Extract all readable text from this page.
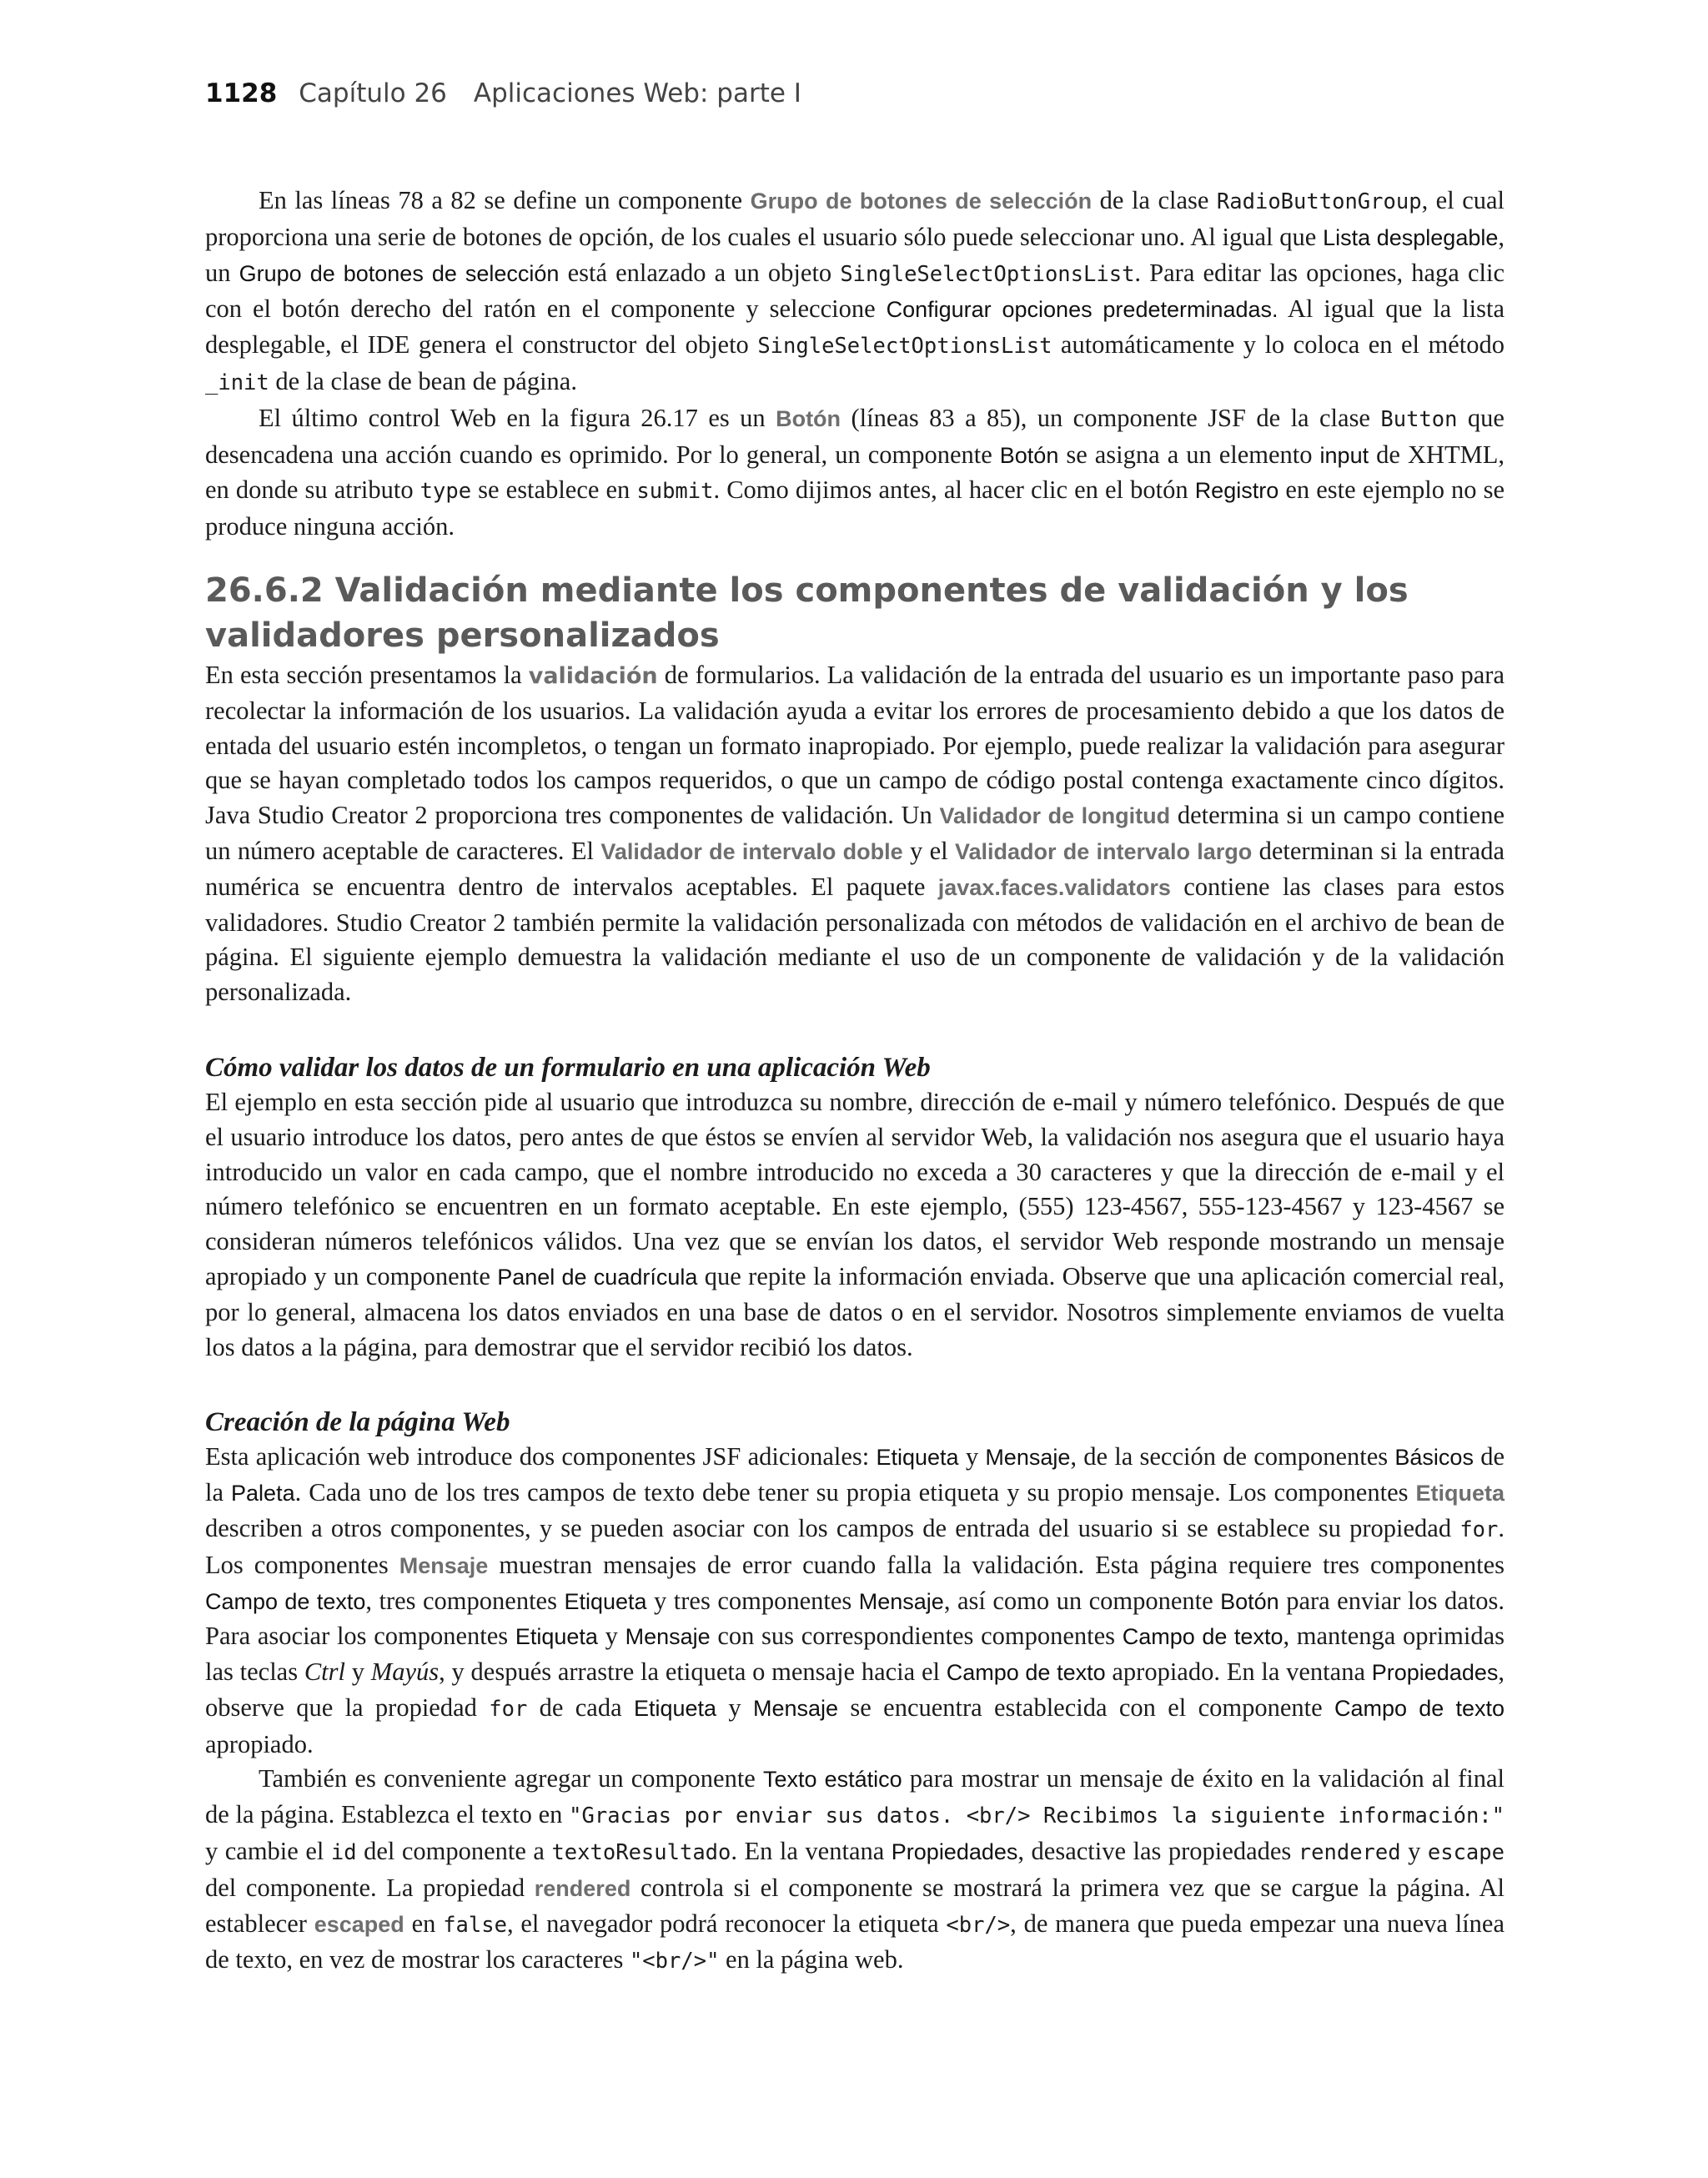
1128 Capítulo 26 Aplicaciones Web: parte I

En las líneas 78 a 82 se define un componente Grupo de botones de selección de la clase RadioButtonGroup, el cual proporciona una serie de botones de opción, de los cuales el usuario sólo puede seleccionar uno. Al igual que Lista desplegable, un Grupo de botones de selección está enlazado a un objeto SingleSelectOptionsList. Para editar las opciones, haga clic con el botón derecho del ratón en el componente y seleccione Configurar opciones predeterminadas. Al igual que la lista desplegable, el IDE genera el constructor del objeto SingleSelectOptionsList automáticamente y lo coloca en el método _init de la clase de bean de página.

El último control Web en la figura 26.17 es un Botón (líneas 83 a 85), un componente JSF de la clase Button que desencadena una acción cuando es oprimido. Por lo general, un componente Botón se asigna a un elemento input de XHTML, en donde su atributo type se establece en submit. Como dijimos antes, al hacer clic en el botón Registro en este ejemplo no se produce ninguna acción.

26.6.2 Validación mediante los componentes de validación y los validadores personalizados

En esta sección presentamos la validación de formularios. La validación de la entrada del usuario es un importante paso para recolectar la información de los usuarios. La validación ayuda a evitar los errores de procesamiento debido a que los datos de entada del usuario estén incompletos, o tengan un formato inapropiado. Por ejemplo, puede realizar la validación para asegurar que se hayan completado todos los campos requeridos, o que un campo de código postal contenga exactamente cinco dígitos. Java Studio Creator 2 proporciona tres componentes de validación. Un Validador de longitud determina si un campo contiene un número aceptable de caracteres. El Validador de intervalo doble y el Validador de intervalo largo determinan si la entrada numérica se encuentra dentro de intervalos aceptables. El paquete javax.faces.validators contiene las clases para estos validadores. Studio Creator 2 también permite la validación personalizada con métodos de validación en el archivo de bean de página. El siguiente ejemplo demuestra la validación mediante el uso de un componente de validación y de la validación personalizada.

Cómo validar los datos de un formulario en una aplicación Web

El ejemplo en esta sección pide al usuario que introduzca su nombre, dirección de e-mail y número telefónico. Después de que el usuario introduce los datos, pero antes de que éstos se envíen al servidor Web, la validación nos asegura que el usuario haya introducido un valor en cada campo, que el nombre introducido no exceda a 30 caracteres y que la dirección de e-mail y el número telefónico se encuentren en un formato aceptable. En este ejemplo, (555) 123-4567, 555-123-4567 y 123-4567 se consideran números telefónicos válidos. Una vez que se envían los datos, el servidor Web responde mostrando un mensaje apropiado y un componente Panel de cuadrícula que repite la información enviada. Observe que una aplicación comercial real, por lo general, almacena los datos enviados en una base de datos o en el servidor. Nosotros simplemente enviamos de vuelta los datos a la página, para demostrar que el servidor recibió los datos.

Creación de la página Web

Esta aplicación web introduce dos componentes JSF adicionales: Etiqueta y Mensaje, de la sección de componentes Básicos de la Paleta. Cada uno de los tres campos de texto debe tener su propia etiqueta y su propio mensaje. Los componentes Etiqueta describen a otros componentes, y se pueden asociar con los campos de entrada del usuario si se establece su propiedad for. Los componentes Mensaje muestran mensajes de error cuando falla la validación. Esta página requiere tres componentes Campo de texto, tres componentes Etiqueta y tres componentes Mensaje, así como un componente Botón para enviar los datos. Para asociar los componentes Etiqueta y Mensaje con sus correspondientes componentes Campo de texto, mantenga oprimidas las teclas Ctrl y Mayús, y después arrastre la etiqueta o mensaje hacia el Campo de texto apropiado. En la ventana Propiedades, observe que la propiedad for de cada Etiqueta y Mensaje se encuentra establecida con el componente Campo de texto apropiado.

También es conveniente agregar un componente Texto estático para mostrar un mensaje de éxito en la validación al final de la página. Establezca el texto en "Gracias por enviar sus datos. <br/> Recibimos la siguiente información:" y cambie el id del componente a textoResultado. En la ventana Propiedades, desactive las propiedades rendered y escape del componente. La propiedad rendered controla si el componente se mostrará la primera vez que se cargue la página. Al establecer escaped en false, el navegador podrá reconocer la etiqueta <br/>, de manera que pueda empezar una nueva línea de texto, en vez de mostrar los caracteres "<br/>" en la página web.
